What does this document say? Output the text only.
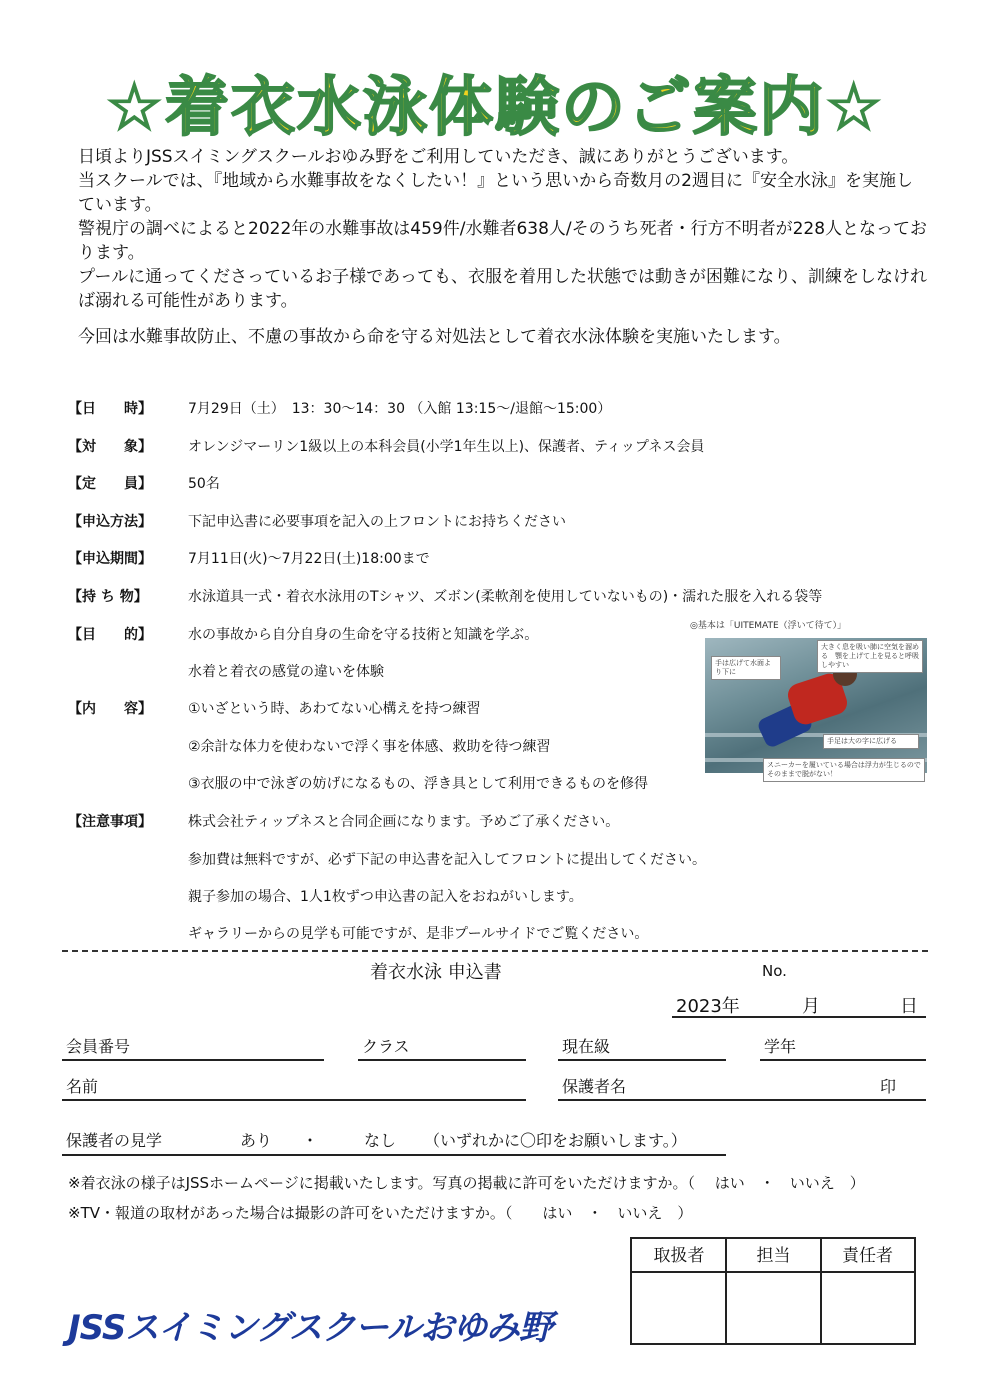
☆着衣水泳体験のご案内☆

日頃よりJSSスイミングスクールおゆみ野をご利用していただき、誠にありがとうございます。

当スクールでは、『地域から水難事故をなくしたい！』という思いから奇数月の2週目に『安全水泳』を実施しています。

警視庁の調べによると2022年の水難事故は459件/水難者638人/そのうち死者・行方不明者が228人となっております。

プールに通ってくださっているお子様であっても、衣服を着用した状態では動きが困難になり、訓練をしなければ溺れる可能性があります。

今回は水難事故防止、不慮の事故から命を守る対処法として着衣水泳体験を実施いたします。

【日　　時】	7月29日（土）　13：30〜14：30 （入館 13:15〜/退館〜15:00）
【対　　象】	オレンジマーリン1級以上の本科会員(小学1年生以上)、保護者、ティップネス会員
【定　　員】	50名
【申込方法】	下記申込書に必要事項を記入の上フロントにお持ちください
【申込期間】	7月11日(火)〜7月22日(土)18:00まで
【持 ち 物】	水泳道具一式・着衣水泳用のTシャツ、ズボン(柔軟剤を使用していないもの)・濡れた服を入れる袋等
【目　　的】	水の事故から自分自身の生命を守る技術と知識を学ぶ。
水着と着衣の感覚の違いを体験
【内　　容】	①いざという時、あわてない心構えを持つ練習
②余計な体力を使わないで浮く事を体感、救助を待つ練習
③衣服の中で泳ぎの妨げになるもの、浮き具として利用できるものを修得
【注意事項】	株式会社ティップネスと合同企画になります。予めご了承ください。
参加費は無料ですが、必ず下記の申込書を記入してフロントに提出してください。
親子参加の場合、1人1枚ずつ申込書の記入をおねがいします。
ギャラリーからの見学も可能ですが、是非プールサイドでご覧ください。
◎基本は「UITEMATE（浮いて待て）」
大きく息を吸い肺に空気を溜める　顎を上げて上を見ると呼吸しやすい
手は広げて水面より下に
手足は大の字に広げる
スニーカーを履いている場合は浮力が生じるのでそのままで脱がない！
着衣水泳 申込書	No.
2023年	月	日
会員番号	クラス	現在級	学年
名前	保護者名	印
保護者の見学	あり ・	なし （いずれかに〇印をお願いします。）
※着衣泳の様子はJSSホームページに掲載いたします。写真の掲載に許可をいただけますか。（　 はい　・　いいえ　）
※TV・報道の取材があった場合は撮影の許可をいただけますか。（　　はい　・　いいえ　）
取扱者	担当	責任者
JSSスイミングスクールおゆみ野
